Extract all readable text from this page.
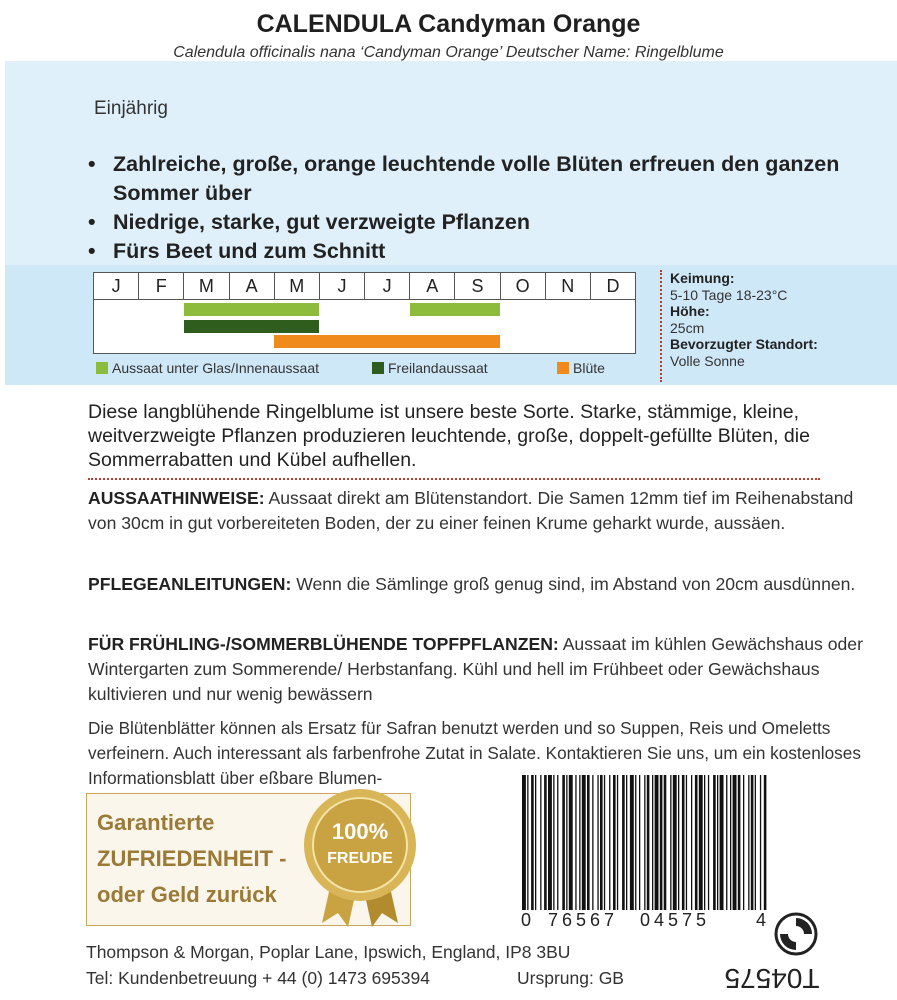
CALENDULA Candyman Orange
Calendula officinalis nana ‘Candyman Orange’ Deutscher Name: Ringelblume
Einjährig
• Zahlreiche, große, orange leuchtende volle Blüten erfreuen den ganzen Sommer über
• Niedrige, starke, gut verzweigte Pflanzen
• Fürs Beet und zum Schnitt
J	F	M	A	M	J	J	A	S	O	N	D
Aussaat unter Glas/Innenaussaat	Freilandaussaat	Blüte
Keimung:
5-10 Tage 18-23°C
Höhe:
25cm
Bevorzugter Standort:
Volle Sonne

Diese langblühende Ringelblume ist unsere beste Sorte. Starke, stämmige, kleine, weitverzweigte Pflanzen produzieren leuchtende, große, doppelt-gefüllte Blüten, die Sommerrabatten und Kübel aufhellen.

AUSSAATHINWEISE: Aussaat direkt am Blütenstandort. Die Samen 12mm tief im Reihenabstand von 30cm in gut vorbereiteten Boden, der zu einer feinen Krume geharkt wurde, aussäen.

PFLEGEANLEITUNGEN: Wenn die Sämlinge groß genug sind, im Abstand von 20cm ausdünnen.

FÜR FRÜHLING-/SOMMERBLÜHENDE TOPFPFLANZEN: Aussaat im kühlen Gewächshaus oder Wintergarten zum Sommerende/ Herbstanfang. Kühl und hell im Frühbeet oder Gewächshaus kultivieren und nur wenig bewässern

Die Blütenblätter können als Ersatz für Safran benutzt werden und so Suppen, Reis und Omeletts verfeinern. Auch interessant als farbenfrohe Zutat in Salate. Kontaktieren Sie uns, um ein kostenloses Informationsblatt über eßbare Blumen-

Garantierte
ZUFRIEDENHEIT -
oder Geld zurück
100%
FREUDE
0 76567 04575	4
Thompson & Morgan, Poplar Lane, Ipswich, England, IP8 3BU
Tel: Kundenbetreuung + 44 (0) 1473 695394	Ursprung: GB	T04575
